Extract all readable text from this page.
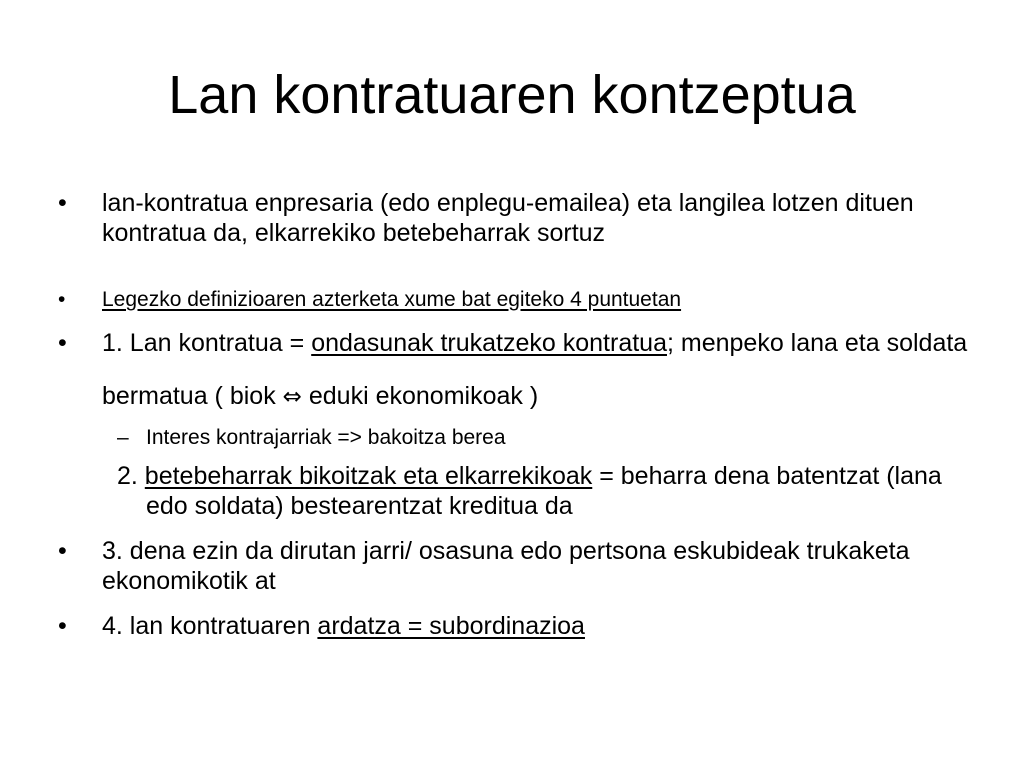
Lan kontratuaren kontzeptua
• lan-kontratua enpresaria (edo enplegu-emailea) eta langilea lotzen dituen kontratua da, elkarrekiko betebeharrak sortuz
• Legezko definizioaren azterketa xume bat egiteko 4 puntuetan
• 1. Lan kontratua = ondasunak trukatzeko kontratua; menpeko lana eta soldata bermatua ( biok ⇔ eduki ekonomikoak )
– Interes kontrajarriak => bakoitza berea
2. betebeharrak bikoitzak eta elkarrekikoak = beharra dena batentzat (lana edo soldata) bestearentzat kreditua da
• 3. dena ezin da dirutan jarri/ osasuna edo pertsona eskubideak trukaketa ekonomikotik at
• 4. lan kontratuaren ardatza = subordinazioa
